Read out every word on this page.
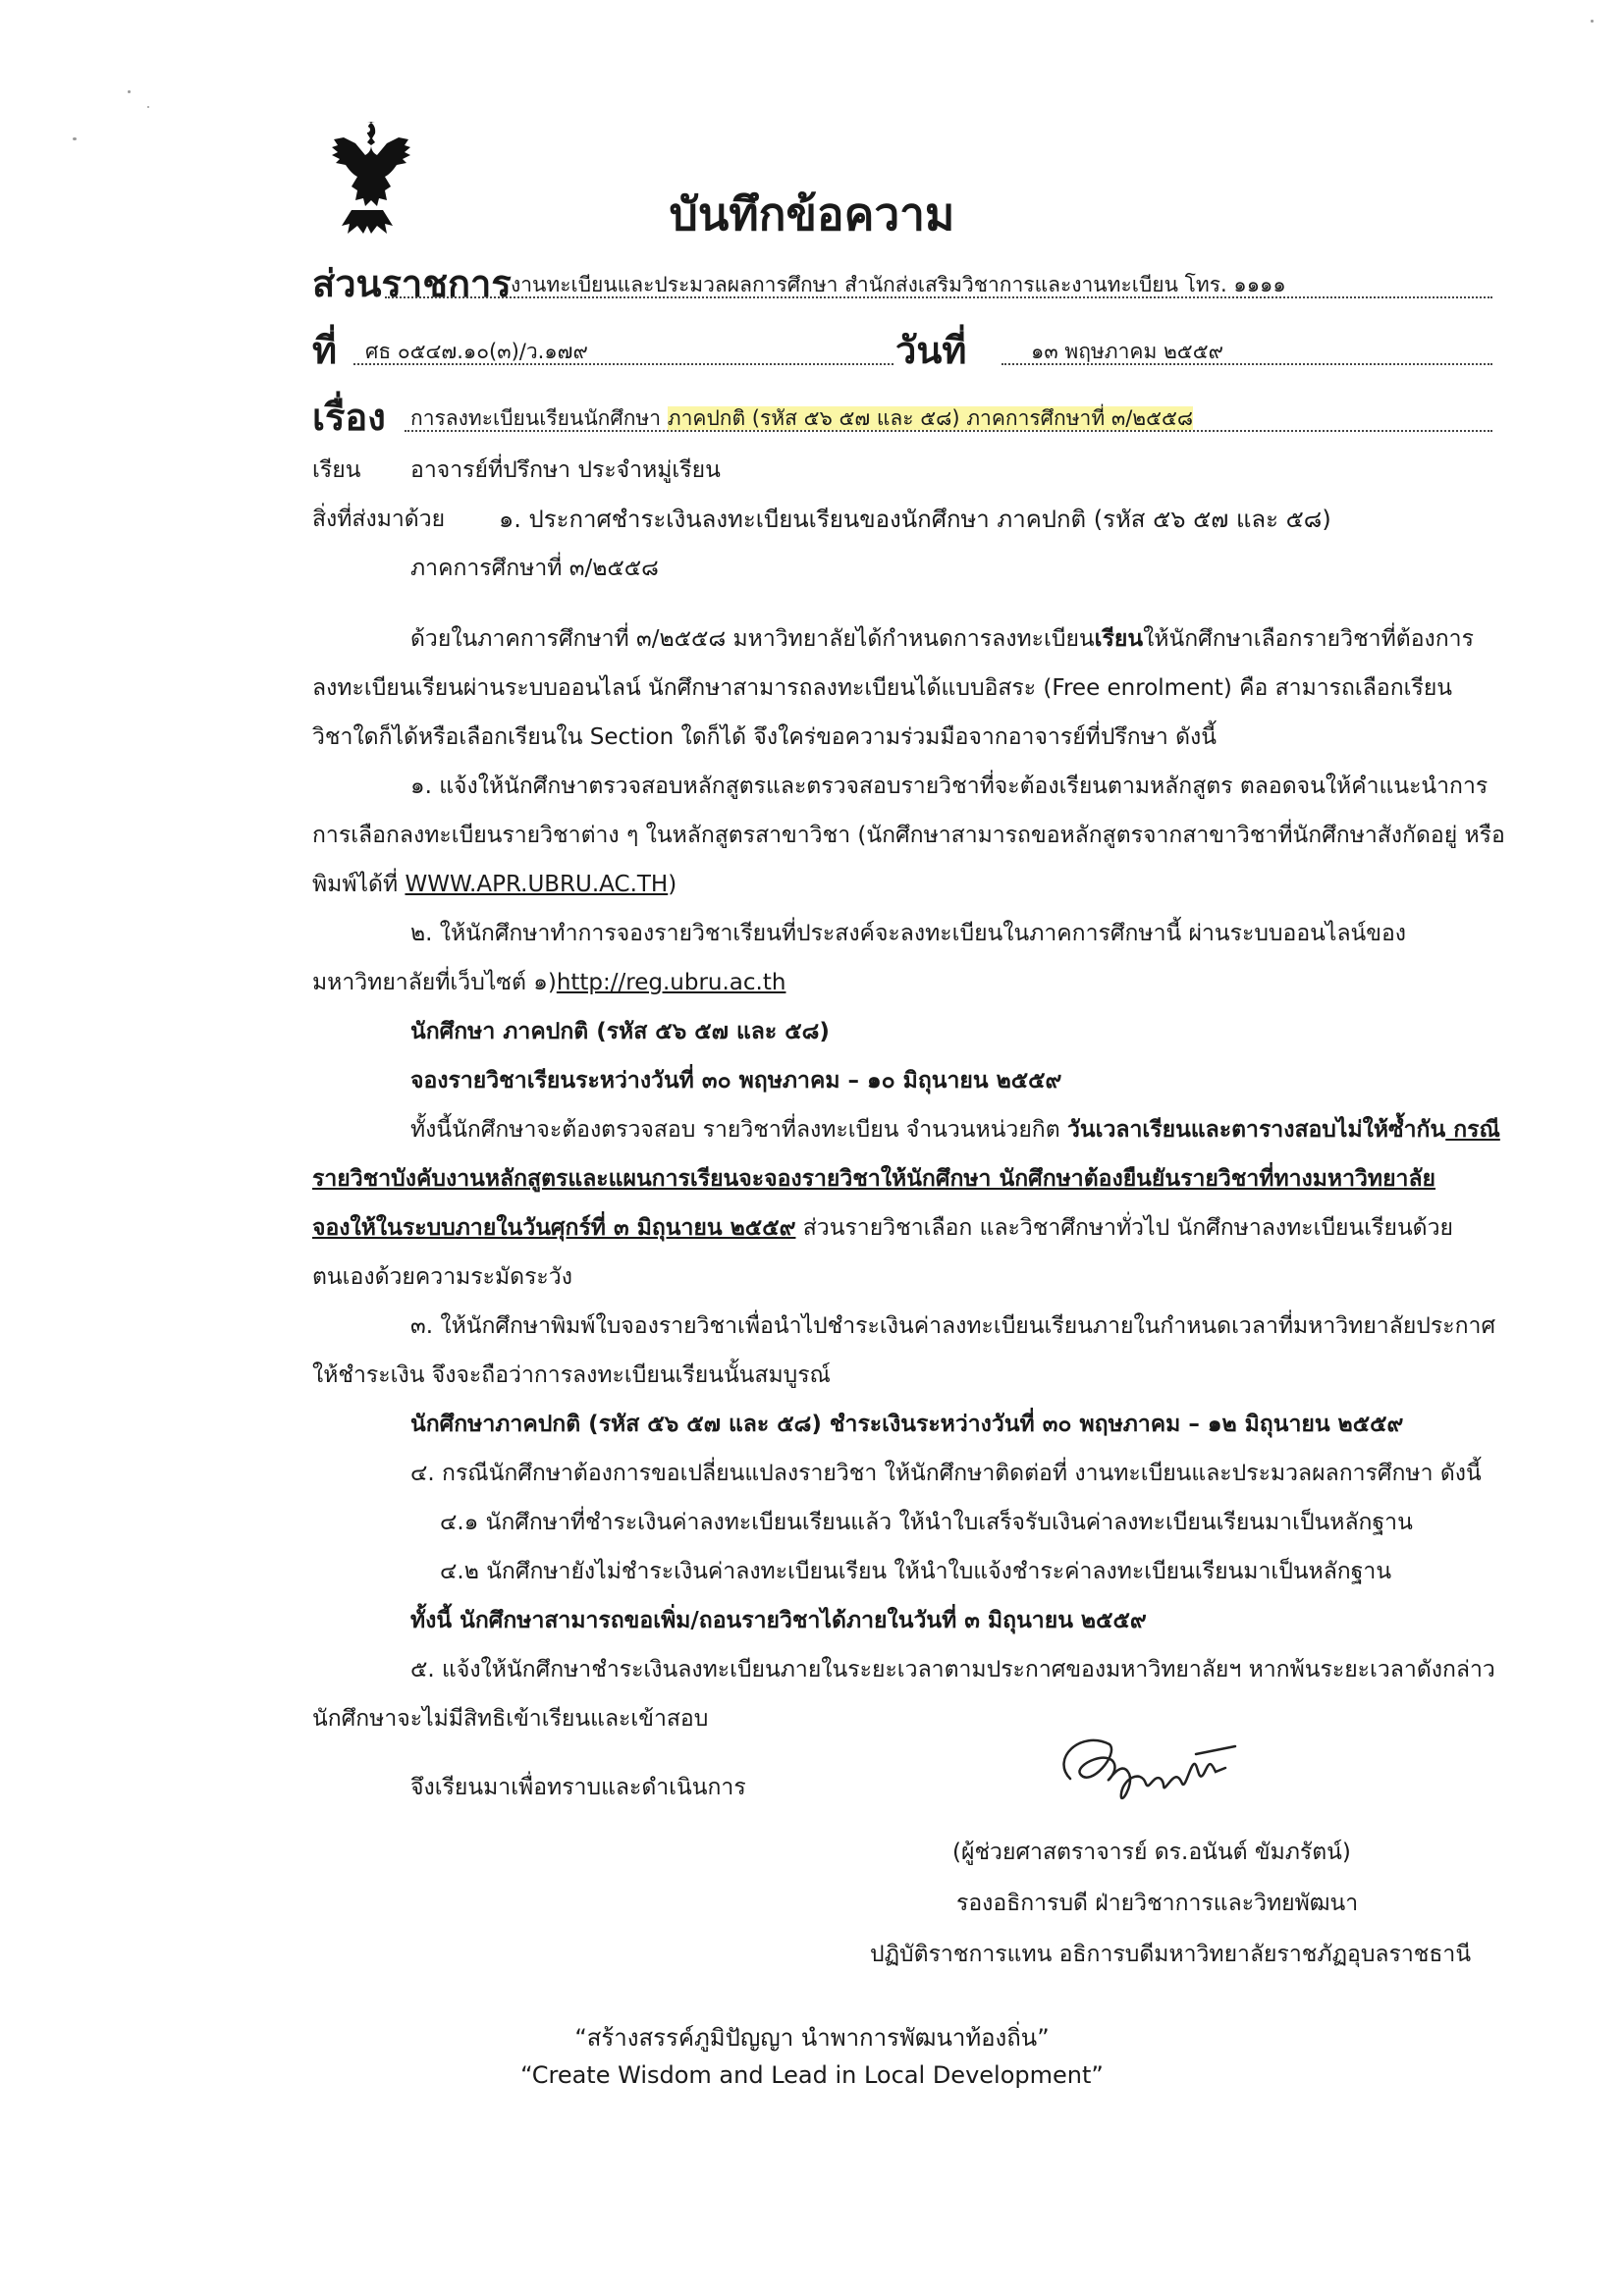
บันทึกข้อความ
ส่วนราชการ งานทะเบียนและประมวลผลการศึกษา สำนักส่งเสริมวิชาการและงานทะเบียน โทร. ๑๑๑๑
ที่ ศธ ๐๕๔๗.๑๐(๓)/ว.๑๗๙	วันที่	๑๓ พฤษภาคม ๒๕๕๙
เรื่อง การลงทะเบียนเรียนนักศึกษา ภาคปกติ (รหัส ๕๖ ๕๗ และ ๕๘) ภาคการศึกษาที่ ๓/๒๕๕๘
เรียน อาจารย์ที่ปรึกษา ประจำหมู่เรียน
สิ่งที่ส่งมาด้วย ๑. ประกาศชำระเงินลงทะเบียนเรียนของนักศึกษา ภาคปกติ (รหัส ๕๖ ๕๗ และ ๕๘)
ภาคการศึกษาที่ ๓/๒๕๕๘
ด้วยในภาคการศึกษาที่ ๓/๒๕๕๘ มหาวิทยาลัยได้กำหนดการลงทะเบียนเรียนให้นักศึกษาเลือกรายวิชาที่ต้องการ
ลงทะเบียนเรียนผ่านระบบออนไลน์ นักศึกษาสามารถลงทะเบียนได้แบบอิสระ (Free enrolment) คือ สามารถเลือกเรียน
วิชาใดก็ได้หรือเลือกเรียนใน Section ใดก็ได้ จึงใคร่ขอความร่วมมือจากอาจารย์ที่ปรึกษา ดังนี้
๑. แจ้งให้นักศึกษาตรวจสอบหลักสูตรและตรวจสอบรายวิชาที่จะต้องเรียนตามหลักสูตร ตลอดจนให้คำแนะนำการ
การเลือกลงทะเบียนรายวิชาต่าง ๆ ในหลักสูตรสาขาวิชา (นักศึกษาสามารถขอหลักสูตรจากสาขาวิชาที่นักศึกษาสังกัดอยู่ หรือ
พิมพ์ได้ที่ WWW.APR.UBRU.AC.TH)
๒. ให้นักศึกษาทำการจองรายวิชาเรียนที่ประสงค์จะลงทะเบียนในภาคการศึกษานี้ ผ่านระบบออนไลน์ของ
มหาวิทยาลัยที่เว็บไซต์ ๑)http://reg.ubru.ac.th
นักศึกษา ภาคปกติ (รหัส ๕๖ ๕๗ และ ๕๘)
จองรายวิชาเรียนระหว่างวันที่ ๓๐ พฤษภาคม – ๑๐ มิถุนายน ๒๕๕๙
ทั้งนี้นักศึกษาจะต้องตรวจสอบ รายวิชาที่ลงทะเบียน จำนวนหน่วยกิต วันเวลาเรียนและตารางสอบไม่ให้ซ้ำกัน กรณี
รายวิชาบังคับงานหลักสูตรและแผนการเรียนจะจองรายวิชาให้นักศึกษา นักศึกษาต้องยืนยันรายวิชาที่ทางมหาวิทยาลัย
จองให้ในระบบภายในวันศุกร์ที่ ๓ มิถุนายน ๒๕๕๙ ส่วนรายวิชาเลือก และวิชาศึกษาทั่วไป นักศึกษาลงทะเบียนเรียนด้วย
ตนเองด้วยความระมัดระวัง
๓. ให้นักศึกษาพิมพ์ใบจองรายวิชาเพื่อนำไปชำระเงินค่าลงทะเบียนเรียนภายในกำหนดเวลาที่มหาวิทยาลัยประกาศ
ให้ชำระเงิน จึงจะถือว่าการลงทะเบียนเรียนนั้นสมบูรณ์
นักศึกษาภาคปกติ (รหัส ๕๖ ๕๗ และ ๕๘) ชำระเงินระหว่างวันที่ ๓๐ พฤษภาคม – ๑๒ มิถุนายน ๒๕๕๙
๔. กรณีนักศึกษาต้องการขอเปลี่ยนแปลงรายวิชา ให้นักศึกษาติดต่อที่ งานทะเบียนและประมวลผลการศึกษา ดังนี้
๔.๑ นักศึกษาที่ชำระเงินค่าลงทะเบียนเรียนแล้ว ให้นำใบเสร็จรับเงินค่าลงทะเบียนเรียนมาเป็นหลักฐาน
๔.๒ นักศึกษายังไม่ชำระเงินค่าลงทะเบียนเรียน ให้นำใบแจ้งชำระค่าลงทะเบียนเรียนมาเป็นหลักฐาน
ทั้งนี้ นักศึกษาสามารถขอเพิ่ม/ถอนรายวิชาได้ภายในวันที่ ๓ มิถุนายน ๒๕๕๙
๕. แจ้งให้นักศึกษาชำระเงินลงทะเบียนภายในระยะเวลาตามประกาศของมหาวิทยาลัยฯ หากพ้นระยะเวลาดังกล่าว
นักศึกษาจะไม่มีสิทธิเข้าเรียนและเข้าสอบ
จึงเรียนมาเพื่อทราบและดำเนินการ
(ผู้ช่วยศาสตราจารย์ ดร.อนันต์ ขัมภรัตน์)
รองอธิการบดี ฝ่ายวิชาการและวิทยพัฒนา
ปฏิบัติราชการแทน อธิการบดีมหาวิทยาลัยราชภัฏอุบลราชธานี
“สร้างสรรค์ภูมิปัญญา นำพาการพัฒนาท้องถิ่น”
“Create Wisdom and Lead in Local Development”
